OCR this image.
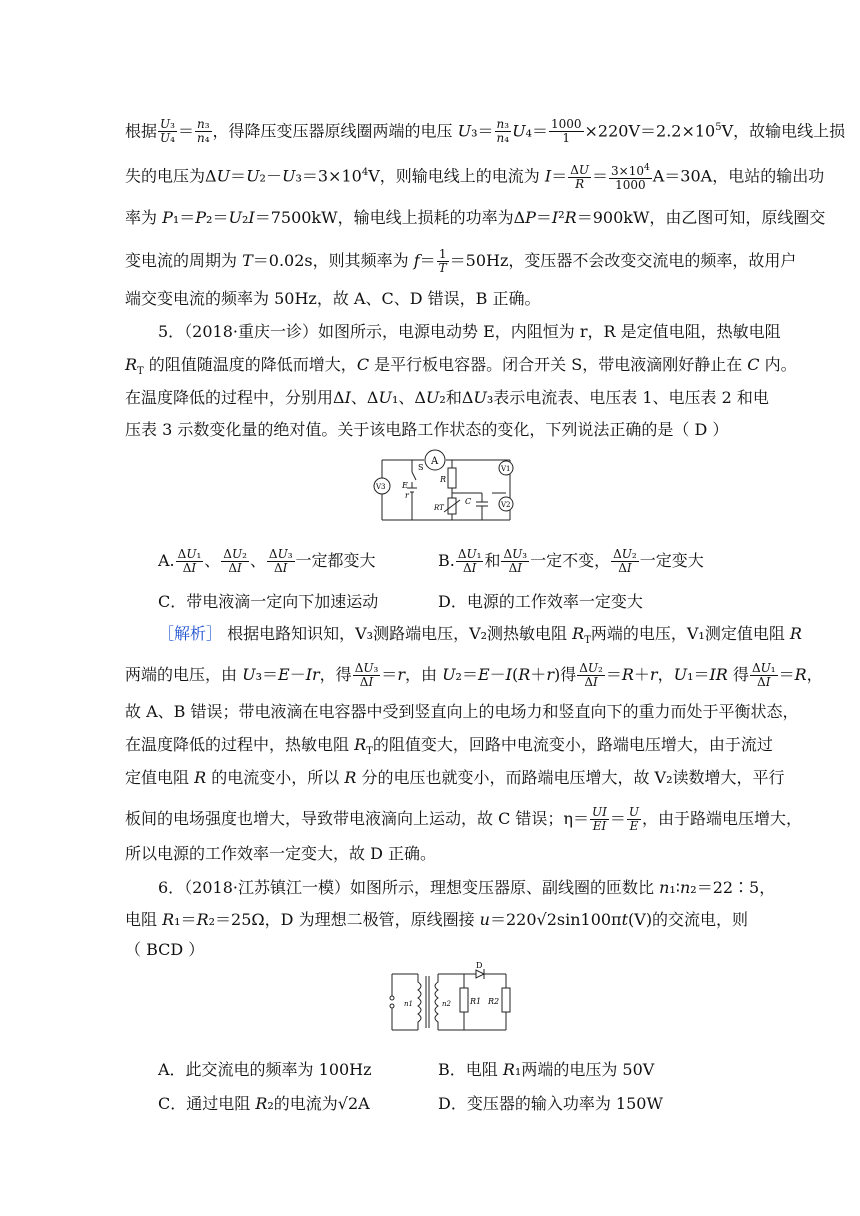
根据 $\frac{\text{U₃}}{\text{U₄}} = \frac{\text{n₃}}{\text{n₄}}$ ，得降压变压器原线圈两端的电压 $U_3= \frac{\text{n₃}}{\text{n₄}} U_4= \frac{1000}{1} \times 220V=2.2\times 10^5V$，故输电线上损
失的电压为$\Delta U=U_2-U_3=3\times 10^4V$，则输电线上的电流为 $I= \frac{\Delta U}{R} = \frac{3\times 10^4}{1000} A=30A$，电站的输出功
率为 P₁＝P₂＝U₂I＝7500kW，输电线上损耗的功率为ΔP＝I²R＝900kW，由乙图可知，原线圈交
变电流的周期为 T＝0.02s，则其频率为 $f= \frac{1}{T} =50Hz$，变压器不会改变交流电的频率，故用户
端交变电流的频率为 50Hz，故 A、C、D 错误，B 正确。
5．（2018·重庆一诊）如图所示，电源电动势 E，内阻恒为 r，R 是定值电阻，热敏电阻
$R_T$ 的阻值随温度的降低而增大，C 是平行板电容器。闭合开关 S，带电液滴刚好静止在 C 内。
在温度降低的过程中，分别用ΔI、ΔU₁、ΔU₂和ΔU₃表示电流表、电压表 1、电压表 2 和电
压表 3 示数变化量的绝对值。关于该电路工作状态的变化，下列说法正确的是（ D ）
A
V1
V2
V3
S
R
E
r
RT
C
A. $\frac{\text{ΔU₁}}{\Delta I}$ 、 $\frac{\text{ΔU₂}}{\Delta I}$ 、 $\frac{\text{ΔU₃}}{\Delta I}$ 一定都变大	B. $\frac{\text{ΔU₁}}{\Delta I}$ 和 $\frac{\text{ΔU₃}}{\Delta I}$ 一定不变， $\frac{\text{ΔU₂}}{\Delta I}$ 一定变大
C．带电液滴一定向下加速运动	D．电源的工作效率一定变大
［解析］ 根据电路知识知，V₃测路端电压，V₂测热敏电阻 $R_T$两端的电压，V₁测定值电阻 R
两端的电压，由 U₃＝E－Ir，得 $\frac{\text{ΔU₃}}{\Delta I} =r$，由 U₂＝E－I(R＋r)得 $\frac{\text{ΔU₂}}{\Delta I} =R+r$，U₁＝IR 得 $\frac{\text{ΔU₁}}{\Delta I} =R$，
故 A、B 错误；带电液滴在电容器中受到竖直向上的电场力和竖直向下的重力而处于平衡状态，
在温度降低的过程中，热敏电阻 $R_T$的阻值变大，回路中电流变小，路端电压增大，由于流过
定值电阻 R 的电流变小，所以 R 分的电压也就变小，而路端电压增大，故 V₂读数增大，平行
板间的电场强度也增大，导致带电液滴向上运动，故 C 错误；$\eta= \frac{UI}{EI} = \frac{U}{E}$ ，由于路端电压增大，
所以电源的工作效率一定变大，故 D 正确。
6．（2018·江苏镇江一模）如图所示，理想变压器原、副线圈的匝数比 n₁∶n₂＝22∶5，
电阻 R₁＝R₂＝25Ω，D 为理想二极管，原线圈接 u＝220√2sin100πt(V)的交流电，则
（ BCD ）
D
n1	n2 R1 R2
A．此交流电的频率为 100Hz	B．电阻 R₁两端的电压为 50V
C．通过电阻 R₂的电流为√2A	D．变压器的输入功率为 150W
